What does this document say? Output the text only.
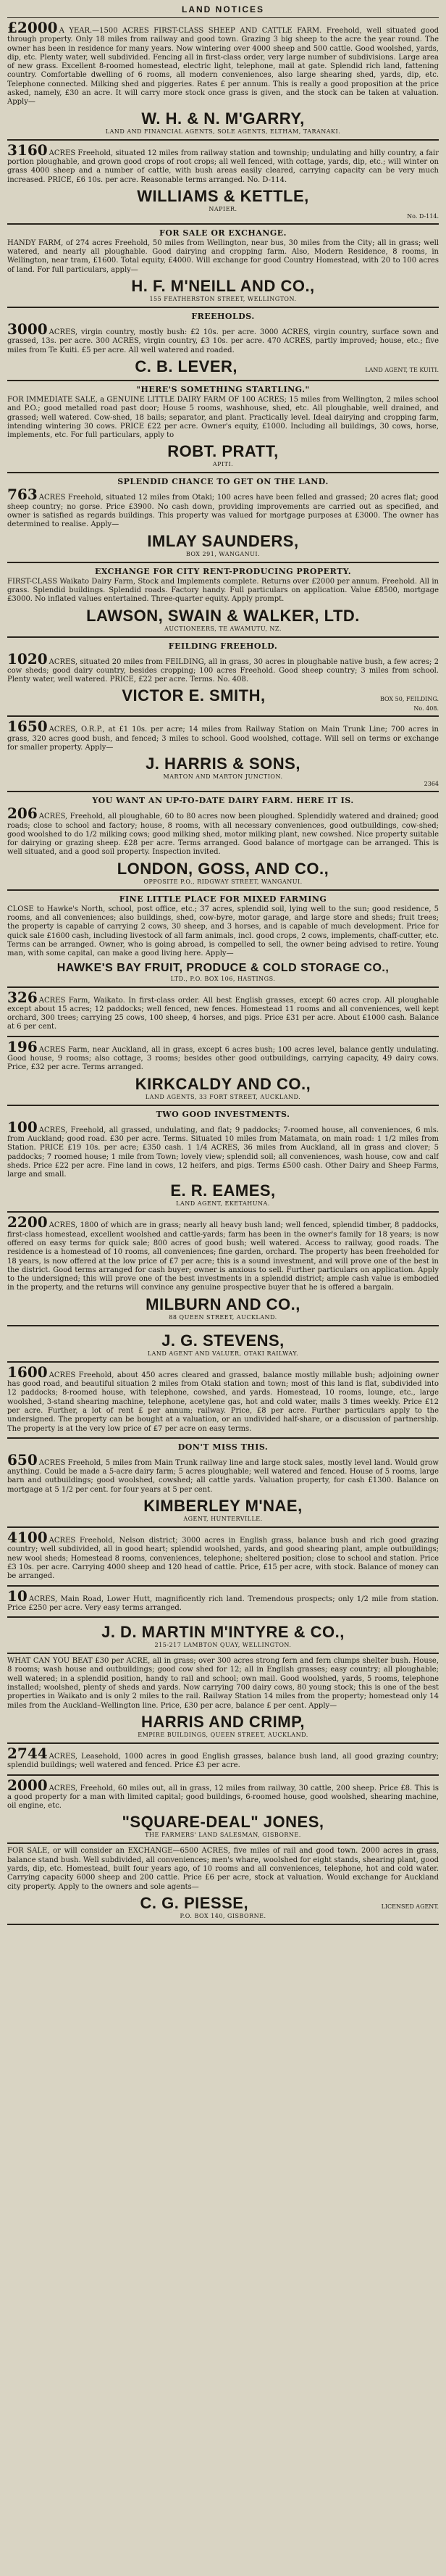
LAND NOTICES

£2000 A YEAR.—1500 ACRES FIRST-CLASS SHEEP AND CATTLE FARM. Freehold, well situated good through property. Only 18 miles from railway and good town. Grazing 3 big sheep to the acre the year round. The owner has been in residence for many years. Now wintering over 4000 sheep and 500 cattle. Good woolshed, yards, dip, etc. Plenty water, well subdivided. Fencing all in first-class order, very large number of subdivisions. Large area of new grass. Excellent 8-roomed homestead, electric light, telephone, mail at gate. Splendid rich land, fattening country. Comfortable dwelling of 6 rooms, all modern conveniences, also large shearing shed, yards, dip, etc. Telephone connected. Milking shed and piggeries. Rates £ per annum. This is really a good proposition at the price asked, namely, £30 an acre. It will carry more stock once grass is given, and the stock can be taken at valuation. Apply—

W. H. & N. M'GARRY,
LAND AND FINANCIAL AGENTS, SOLE AGENTS, ELTHAM, TARANAKI.

3160 ACRES Freehold, situated 12 miles from railway station and township; undulating and hilly country, a fair portion ploughable, and grown good crops of root crops; all well fenced, with cottage, yards, dip, etc.; will winter on grass 4000 sheep and a number of cattle, with bush areas easily cleared, carrying capacity can be very much increased. PRICE, £6 10s. per acre. Reasonable terms arranged. No. D-114.

WILLIAMS & KETTLE,
NAPIER.
No. D-114.
FOR SALE OR EXCHANGE.

HANDY FARM, of 274 acres Freehold, 50 miles from Wellington, near bus, 30 miles from the City; all in grass; well watered, and nearly all ploughable. Good dairying and cropping farm. Also, Modern Residence, 8 rooms, in Wellington, near tram, £1600. Total equity, £4000. Will exchange for good Country Homestead, with 20 to 100 acres of land. For full particulars, apply—

H. F. M'NEILL AND CO.,
155 FEATHERSTON STREET, WELLINGTON.
FREEHOLDS.

3000 ACRES, virgin country, mostly bush: £2 10s. per acre. 3000 ACRES, virgin country, surface sown and grassed, 13s. per acre. 300 ACRES, virgin country, £3 10s. per acre. 470 ACRES, partly improved; house, etc.; five miles from Te Kuiti. £5 per acre. All well watered and roaded.

C. B. LEVER,	LAND AGENT, TE KUITI.
"HERE'S SOMETHING STARTLING."

FOR IMMEDIATE SALE, a GENUINE LITTLE DAIRY FARM OF 100 ACRES; 15 miles from Wellington, 2 miles school and P.O.; good metalled road past door; House 5 rooms, washhouse, shed, etc. All ploughable, well drained, and grassed; well watered. Cow-shed, 18 bails; separator, and plant. Practically level. Ideal dairying and cropping farm, intending wintering 30 cows. PRICE £22 per acre. Owner's equity, £1000. Including all buildings, 30 cows, horse, implements, etc. For full particulars, apply to

ROBT. PRATT,
APITI.
SPLENDID CHANCE TO GET ON THE LAND.

763 ACRES Freehold, situated 12 miles from Otaki; 100 acres have been felled and grassed; 20 acres flat; good sheep country; no gorse. Price £3900. No cash down, providing improvements are carried out as specified, and owner is satisfied as regards buildings. This property was valued for mortgage purposes at £3000. The owner has determined to realise. Apply—

IMLAY SAUNDERS,
BOX 291, WANGANUI.
EXCHANGE FOR CITY RENT-PRODUCING PROPERTY.

FIRST-CLASS Waikato Dairy Farm, Stock and Implements complete. Returns over £2000 per annum. Freehold. All in grass. Splendid buildings. Splendid roads. Factory handy. Full particulars on application. Value £8500, mortgage £3000. No inflated values entertained. Three-quarter equity. Apply prompt.

LAWSON, SWAIN & WALKER, LTD.
AUCTIONEERS, TE AWAMUTU, NZ.
FEILDING FREEHOLD.

1020 ACRES, situated 20 miles from FEILDING, all in grass, 30 acres in ploughable native bush, a few acres; 2 cow sheds; good dairy country, besides cropping; 100 acres Freehold. Good sheep country; 3 miles from school. Plenty water, well watered. PRICE, £22 per acre. Terms. No. 408.

VICTOR E. SMITH,	BOX 50, FEILDING.
No. 408.

1650 ACRES, O.R.P., at £1 10s. per acre; 14 miles from Railway Station on Main Trunk Line; 700 acres in grass, 320 acres good bush, and fenced; 3 miles to school. Good woolshed, cottage. Will sell on terms or exchange for smaller property. Apply—

J. HARRIS & SONS,
MARTON AND MARTON JUNCTION.
2364
YOU WANT AN UP-TO-DATE DAIRY FARM. HERE IT IS.

206 ACRES, Freehold, all ploughable, 60 to 80 acres now been ploughed. Splendidly watered and drained; good roads; close to school and factory; house, 8 rooms, with all necessary conveniences, good outbuildings, cow-shed; good woolshed to do 1/2 milking cows; good milking shed, motor milking plant, new cowshed. Nice property suitable for dairying or grazing sheep. £28 per acre. Terms arranged. Good balance of mortgage can be arranged. This is well situated, and a good soil property. Inspection invited.

LONDON, GOSS, AND CO.,
OPPOSITE P.O., RIDGWAY STREET, WANGANUI.
FINE LITTLE PLACE FOR MIXED FARMING

CLOSE to Hawke's North, school, post office, etc.; 37 acres, splendid soil, lying well to the sun; good residence, 5 rooms, and all conveniences; also buildings, shed, cow-byre, motor garage, and large store and sheds; fruit trees; the property is capable of carrying 2 cows, 30 sheep, and 3 horses, and is capable of much development. Price for quick sale £1600 cash, including livestock of all farm animals, incl. good crops, 2 cows, implements, chaff-cutter, etc. Terms can be arranged. Owner, who is going abroad, is compelled to sell, the owner being advised to retire. Young man, with some capital, can make a good living here. Apply—

HAWKE'S BAY FRUIT, PRODUCE & COLD STORAGE CO.,
LTD., P.O. BOX 106, HASTINGS.

326 ACRES Farm, Waikato. In first-class order. All best English grasses, except 60 acres crop. All ploughable except about 15 acres; 12 paddocks; well fenced, new fences. Homestead 11 rooms and all conveniences, well kept orchard, 300 trees; carrying 25 cows, 100 sheep, 4 horses, and pigs. Price £31 per acre. About £1000 cash. Balance at 6 per cent.

196 ACRES Farm, near Auckland, all in grass, except 6 acres bush; 100 acres level, balance gently undulating. Good house, 9 rooms; also cottage, 3 rooms; besides other good outbuildings, carrying capacity, 49 dairy cows. Price, £32 per acre. Terms arranged.

KIRKCALDY AND CO.,
LAND AGENTS, 33 FORT STREET, AUCKLAND.
TWO GOOD INVESTMENTS.

100 ACRES, Freehold, all grassed, undulating, and flat; 9 paddocks; 7-roomed house, all conveniences, 6 mls. from Auckland; good road. £30 per acre. Terms. Situated 10 miles from Matamata, on main road: 1 1/2 miles from Station. PRICE £19 10s. per acre; £350 cash. 1 1/4 ACRES, 36 miles from Auckland, all in grass and clover; 5 paddocks; 7 roomed house; 1 mile from Town; lovely view; splendid soil; all conveniences, wash house, cow and calf sheds. Price £22 per acre. Fine land in cows, 12 heifers, and pigs. Terms £500 cash. Other Dairy and Sheep Farms, large and small.

E. R. EAMES,
LAND AGENT, EKETAHUNA.

2200 ACRES, 1800 of which are in grass; nearly all heavy bush land; well fenced, splendid timber, 8 paddocks, first-class homestead, excellent woolshed and cattle-yards; farm has been in the owner's family for 18 years; is now offered on easy terms for quick sale; 800 acres of good bush; well watered. Access to railway, good roads. The residence is a homestead of 10 rooms, all conveniences; fine garden, orchard. The property has been freeholded for 18 years, is now offered at the low price of £7 per acre; this is a sound investment, and will prove one of the best in the district. Good terms arranged for cash buyer; owner is anxious to sell. Further particulars on application. Apply to the undersigned; this will prove one of the best investments in a splendid district; ample cash value is embodied in the property, and the returns will convince any genuine prospective buyer that he is offered a bargain.

MILBURN AND CO.,
88 QUEEN STREET, AUCKLAND.
J. G. STEVENS,
LAND AGENT AND VALUER, OTAKI RAILWAY.

1600 ACRES Freehold, about 450 acres cleared and grassed, balance mostly millable bush; adjoining owner has good road, and beautiful situation 2 miles from Otaki station and town; most of this land is flat, subdivided into 12 paddocks; 8-roomed house, with telephone, cowshed, and yards. Homestead, 10 rooms, lounge, etc., large woolshed, 3-stand shearing machine, telephone, acetylene gas, hot and cold water, mails 3 times weekly. Price £12 per acre. Further, a lot of rent £ per annum; railway. Price, £8 per acre. Further particulars apply to the undersigned. The property can be bought at a valuation, or an undivided half-share, or a discussion of partnership. The property is at the very low price of £7 per acre on easy terms.

DON'T MISS THIS.

650 ACRES Freehold, 5 miles from Main Trunk railway line and large stock sales, mostly level land. Would grow anything. Could be made a 5-acre dairy farm; 5 acres ploughable; well watered and fenced. House of 5 rooms, large barn and outbuildings; good woolshed, cowshed; all cattle yards. Valuation property, for cash £1300. Balance on mortgage at 5 1/2 per cent. for four years at 5 per cent.

KIMBERLEY M'NAE,
AGENT, HUNTERVILLE.

4100 ACRES Freehold, Nelson district; 3000 acres in English grass, balance bush and rich good grazing country; well subdivided, all in good heart; splendid woolshed, yards, and good shearing plant, ample outbuildings; new wool sheds; Homestead 8 rooms, conveniences, telephone; sheltered position; close to school and station. Price £3 10s. per acre. Carrying 4000 sheep and 120 head of cattle. Price, £15 per acre, with stock. Balance of money can be arranged.

10 ACRES, Main Road, Lower Hutt, magnificently rich land. Tremendous prospects; only 1/2 mile from station. Price £250 per acre. Very easy terms arranged.

J. D. MARTIN M'INTYRE & CO.,
215-217 LAMBTON QUAY, WELLINGTON.

WHAT CAN YOU BEAT £30 per ACRE, all in grass; over 300 acres strong fern and fern clumps shelter bush. House, 8 rooms; wash house and outbuildings; good cow shed for 12; all in English grasses; easy country; all ploughable; well watered; in a splendid position, handy to rail and school; own mail. Good woolshed, yards, 5 rooms, telephone installed; woolshed, plenty of sheds and yards. Now carrying 700 dairy cows, 80 young stock; this is one of the best properties in Waikato and is only 2 miles to the rail. Railway Station 14 miles from the property; homestead only 14 miles from the Auckland–Wellington line. Price, £30 per acre, balance £ per cent. Apply—

HARRIS AND CRIMP,
EMPIRE BUILDINGS, QUEEN STREET, AUCKLAND.

2744 ACRES, Leasehold, 1000 acres in good English grasses, balance bush land, all good grazing country; splendid buildings; well watered and fenced. Price £3 per acre.

2000 ACRES, Freehold, 60 miles out, all in grass, 12 miles from railway, 30 cattle, 200 sheep. Price £8. This is a good property for a man with limited capital; good buildings, 6-roomed house, good woolshed, shearing machine, oil engine, etc.

"SQUARE-DEAL" JONES,
THE FARMERS' LAND SALESMAN, GISBORNE.

FOR SALE, or will consider an EXCHANGE—6500 ACRES, five miles of rail and good town. 2000 acres in grass, balance stand bush. Well subdivided, all conveniences; men's whare, woolshed for eight stands, shearing plant, good yards, dip, etc. Homestead, built four years ago, of 10 rooms and all conveniences, telephone, hot and cold water. Carrying capacity 6000 sheep and 200 cattle. Price £6 per acre, stock at valuation. Would exchange for Auckland city property. Apply to the owners and sole agents—

C. G. PIESSE,	LICENSED AGENT.
P.O. BOX 140, GISBORNE.
